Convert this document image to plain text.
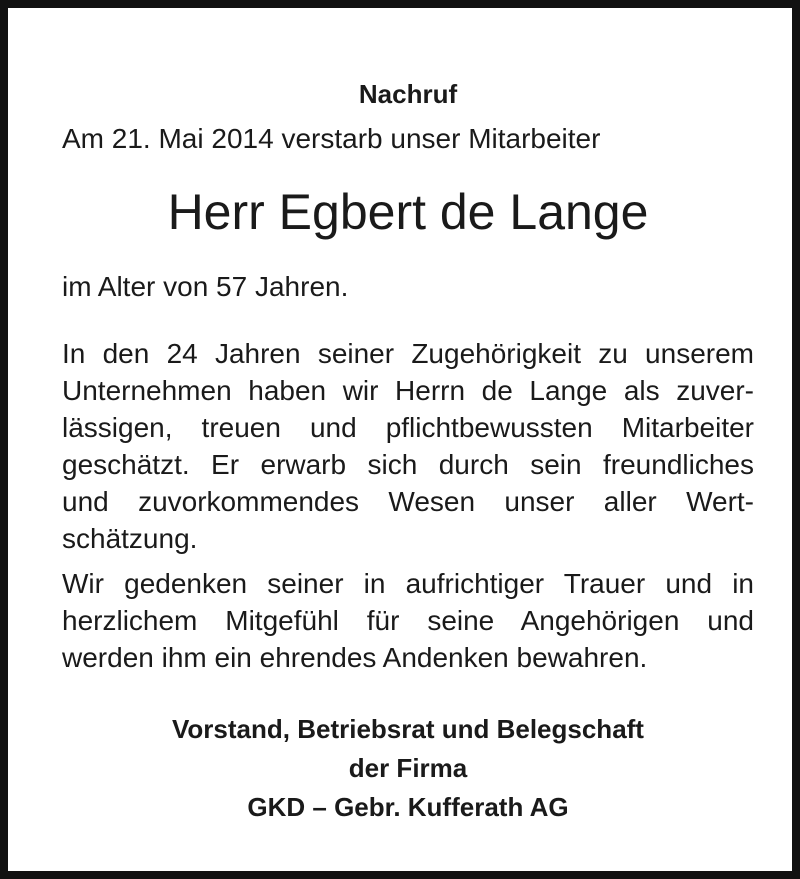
Nachruf
Am 21. Mai 2014 verstarb unser Mitarbeiter
Herr Egbert de Lange
im Alter von 57 Jahren.
In den 24 Jahren seiner Zugehörigkeit zu unserem
Unternehmen haben wir Herrn de Lange als zuver-
lässigen, treuen und pflichtbewussten Mitarbeiter
geschätzt. Er erwarb sich durch sein freundliches
und zuvorkommendes Wesen unser aller Wert-
schätzung.
Wir gedenken seiner in aufrichtiger Trauer und in
herzlichem Mitgefühl für seine Angehörigen und
werden ihm ein ehrendes Andenken bewahren.
Vorstand, Betriebsrat und Belegschaft
der Firma
GKD – Gebr. Kufferath AG
